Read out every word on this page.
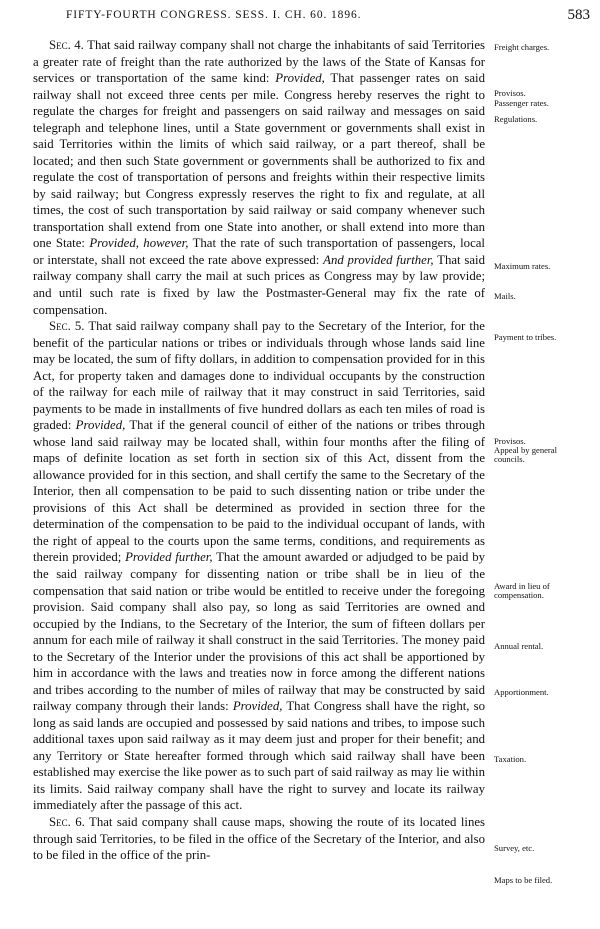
FIFTY-FOURTH CONGRESS. SESS. I. CH. 60. 1896.	583

Sec. 4. That said railway company shall not charge the inhabitants of said Territories a greater rate of freight than the rate authorized by the laws of the State of Kansas for services or transportation of the same kind: Provided, That passenger rates on said railway shall not exceed three cents per mile. Congress hereby reserves the right to regulate the charges for freight and passengers on said railway and messages on said telegraph and telephone lines, until a State government or governments shall exist in said Territories within the limits of which said railway, or a part thereof, shall be located; and then such State government or governments shall be authorized to fix and regulate the cost of transportation of persons and freights within their respective limits by said railway; but Congress expressly reserves the right to fix and regulate, at all times, the cost of such transportation by said railway or said company whenever such transportation shall extend from one State into another, or shall extend into more than one State: Provided, however, That the rate of such transportation of passengers, local or interstate, shall not exceed the rate above expressed: And provided further, That said railway company shall carry the mail at such prices as Congress may by law provide; and until such rate is fixed by law the Postmaster-General may fix the rate of compensation.

Sec. 5. That said railway company shall pay to the Secretary of the Interior, for the benefit of the particular nations or tribes or individuals through whose lands said line may be located, the sum of fifty dollars, in addition to compensation provided for in this Act, for property taken and damages done to individual occupants by the construction of the railway for each mile of railway that it may construct in said Territories, said payments to be made in installments of five hundred dollars as each ten miles of road is graded: Provided, That if the general council of either of the nations or tribes through whose land said railway may be located shall, within four months after the filing of maps of definite location as set forth in section six of this Act, dissent from the allowance provided for in this section, and shall certify the same to the Secretary of the Interior, then all compensation to be paid to such dissenting nation or tribe under the provisions of this Act shall be determined as provided in section three for the determination of the compensation to be paid to the individual occupant of lands, with the right of appeal to the courts upon the same terms, conditions, and requirements as therein provided; Provided further, That the amount awarded or adjudged to be paid by the said railway company for dissenting nation or tribe shall be in lieu of the compensation that said nation or tribe would be entitled to receive under the foregoing provision. Said company shall also pay, so long as said Territories are owned and occupied by the Indians, to the Secretary of the Interior, the sum of fifteen dollars per annum for each mile of railway it shall construct in the said Territories. The money paid to the Secretary of the Interior under the provisions of this act shall be apportioned by him in accordance with the laws and treaties now in force among the different nations and tribes according to the number of miles of railway that may be constructed by said railway company through their lands: Provided, That Congress shall have the right, so long as said lands are occupied and possessed by said nations and tribes, to impose such additional taxes upon said railway as it may deem just and proper for their benefit; and any Territory or State hereafter formed through which said railway shall have been established may exercise the like power as to such part of said railway as may lie within its limits. Said railway company shall have the right to survey and locate its railway immediately after the passage of this act.

Sec. 6. That said company shall cause maps, showing the route of its located lines through said Territories, to be filed in the office of the Secretary of the Interior, and also to be filed in the office of the prin-

Freight charges.
Provisos.
Passenger rates.
Regulations.
Maximum rates.
Mails.
Payment to tribes.
Provisos.
Appeal by general
councils.
Award in lieu of
compensation.
Annual rental.
Apportionment.
Taxation.
Survey, etc.
Maps to be filed.
